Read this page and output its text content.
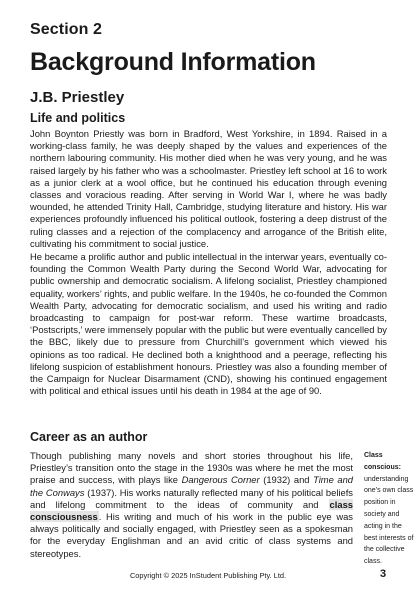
Section 2
Background Information
J.B. Priestley
Life and politics

John Boynton Priestly was born in Bradford, West Yorkshire, in 1894. Raised in a working-class family, he was deeply shaped by the values and experiences of the northern labouring community. His mother died when he was very young, and he was raised largely by his father who was a schoolmaster. Priestley left school at 16 to work as a junior clerk at a wool office, but he continued his education through evening classes and voracious reading. After serving in World War I, where he was badly wounded, he attended Trinity Hall, Cambridge, studying literature and history. His war experiences profoundly influenced his political outlook, fostering a deep distrust of the ruling classes and a rejection of the complacency and arrogance of the British elite, cultivating his commitment to social justice.

He became a prolific author and public intellectual in the interwar years, eventually co-founding the Common Wealth Party during the Second World War, advocating for public ownership and democratic socialism. A lifelong socialist, Priestley championed equality, workers’ rights, and public welfare. In the 1940s, he co-founded the Common Wealth Party, advocating for democratic socialism, and used his writing and radio broadcasting to campaign for post-war reform. These wartime broadcasts, ‘Postscripts,’ were immensely popular with the public but were eventually cancelled by the BBC, likely due to pressure from Churchill’s government which viewed his opinions as too radical. He declined both a knighthood and a peerage, reflecting his lifelong suspicion of establishment honours. Priestley was also a founding member of the Campaign for Nuclear Disarmament (CND), showing his continued engagement with political and ethical issues until his death in 1984 at the age of 90.

Career as an author

Though publishing many novels and short stories throughout his life, Priestley’s transition onto the stage in the 1930s was where he met the most praise and success, with plays like Dangerous Corner (1932) and Time and the Conways (1937). His works naturally reflected many of his political beliefs and lifelong commitment to the ideas of community and class consciousness. His writing and much of his work in the public eye was always politically and socially engaged, with Priestley seen as a spokesman for the everyday Englishman and an avid critic of class systems and stereotypes.

Class conscious: understanding one’s own class position in society and acting in the best interests of the collective class.

Copyright © 2025 InStudent Publishing Pty. Ltd.	3
